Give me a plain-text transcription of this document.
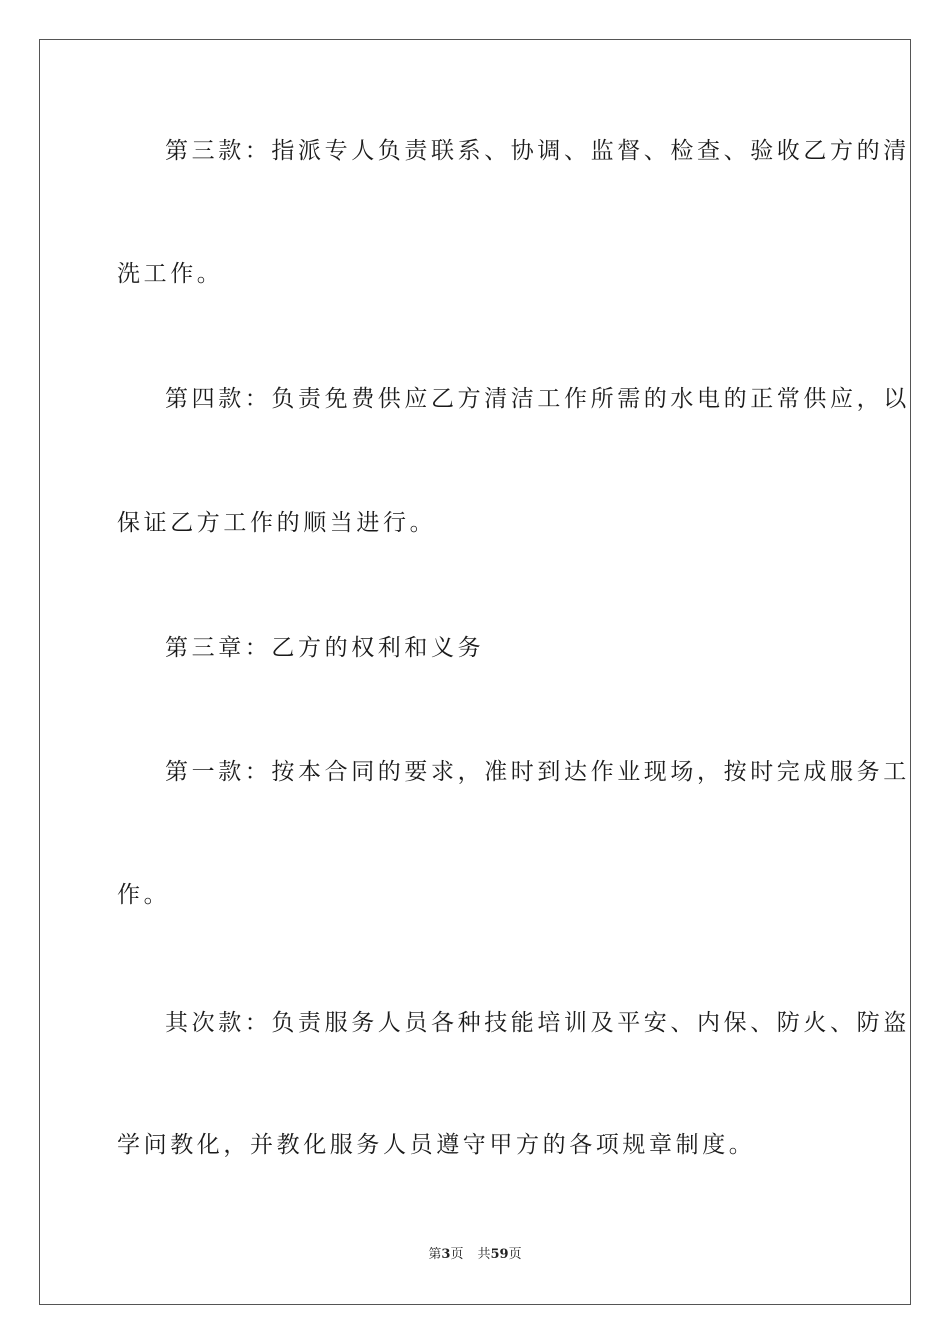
第三款：指派专人负责联系、协调、监督、检查、验收乙方的清
洗工作。
第四款：负责免费供应乙方清洁工作所需的水电的正常供应，以
保证乙方工作的顺当进行。
第三章：乙方的权利和义务
第一款：按本合同的要求，准时到达作业现场，按时完成服务工
作。
其次款：负责服务人员各种技能培训及平安、内保、防火、防盗
学问教化，并教化服务人员遵守甲方的各项规章制度。
第3页 共59页
